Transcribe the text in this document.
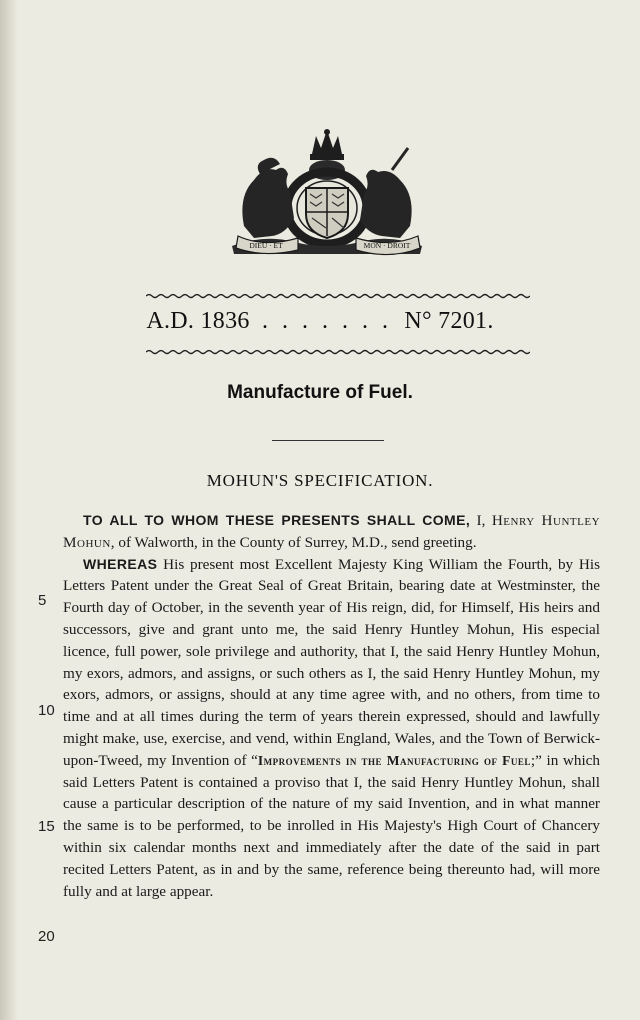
DIEU · ET	MON · DROIT
A.D. 1836 . . . . . . . N° 7201.
Manufacture of Fuel.
MOHUN'S SPECIFICATION.

TO ALL TO WHOM THESE PRESENTS SHALL COME, I, Henry Huntley Mohun, of Walworth, in the County of Surrey, M.D., send greeting.

WHEREAS His present most Excellent Majesty King William the Fourth, by His Letters Patent under the Great Seal of Great Britain, bearing date at Westminster, the Fourth day of October, in the seventh year of His reign, did, for Himself, His heirs and successors, give and grant unto me, the said Henry Huntley Mohun, His especial licence, full power, sole privilege and authority, that I, the said Henry Huntley Mohun, my exors, admors, and assigns, or such others as I, the said Henry Huntley Mohun, my exors, admors, or assigns, should at any time agree with, and no others, from time to time and at all times during the term of years therein expressed, should and lawfully might make, use, exercise, and vend, within England, Wales, and the Town of Berwick-upon-Tweed, my Invention of “Improvements in the Manufacturing of Fuel;” in which said Letters Patent is contained a proviso that I, the said Henry Huntley Mohun, shall cause a particular description of the nature of my said Invention, and in what manner the same is to be performed, to be inrolled in His Majesty's High Court of Chancery within six calendar months next and immediately after the date of the said in part recited Letters Patent, as in and by the same, reference being thereunto had, will more fully and at large appear.

5
10
15
20
